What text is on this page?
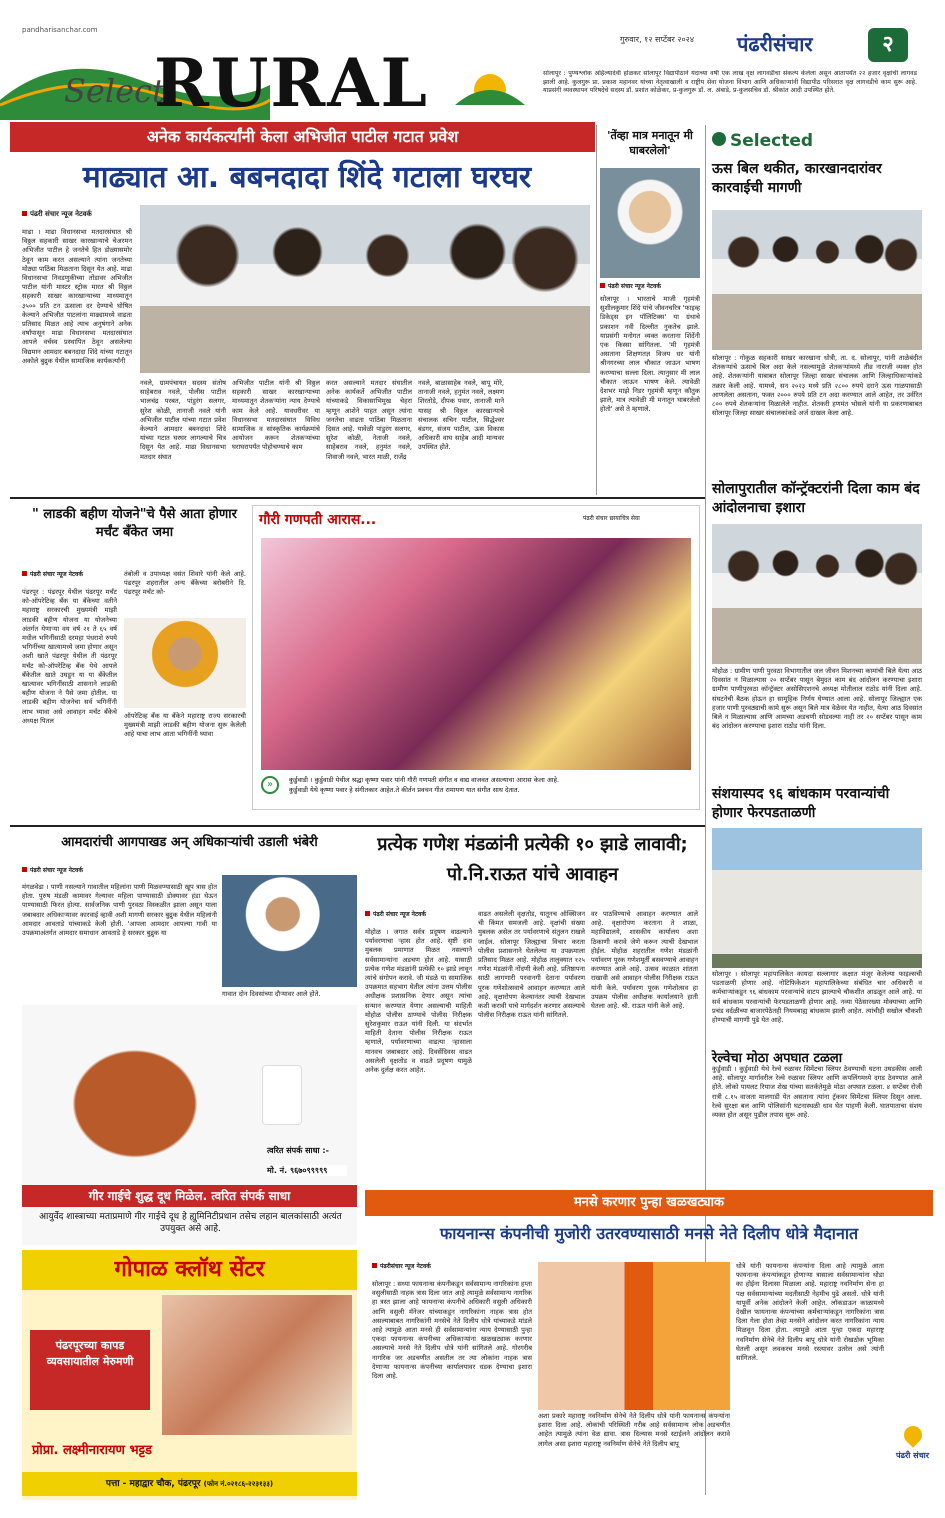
pandharisanchar.com
Select
RURAL
गुरुवार, १२ सप्टेंबर २०२४ पंढरीसंचार	२
सोलापूर : पुण्यश्लोक अहिल्यादेवी होळकर सोलापूर विद्यापीठाने यंदाच्या वर्षी एक लाख वृक्ष लागवडीचा संकल्प केलेला असून आतापर्यंत २२ हजार वृक्षांची लागवड झाली आहे. कुलगुरू प्रा. प्रकाश महानवर यांच्या नेतृत्वाखाली व राष्ट्रीय सेवा योजना विभाग आणि अधिकाऱ्यांनी विद्यापीठ परिसरात वृक्ष लागवडीचे काम सुरू आहे. याप्रसंगी व्यवस्थापन परिषदेचे सदस्य डॉ. प्रशांत कोळेकर, प्र-कुलगुरू डॉ. ल. अंबाडे, प्र-कुलसचिव डॉ. श्रीकांत आदी उपस्थित होते.
अनेक कार्यकर्त्यांनी केला अभिजीत पाटील गटात प्रवेश
माढ्यात आ. बबनदादा शिंदे गटाला घरघर
पंढरी संचार न्यूज नेटवर्क
माढा । माढा विधानसभा मतदारसंघात श्री विठ्ठल सहकारी साखर कारखान्याचे चेअरमन अभिजीत पाटील हे जनतेचे हित डोळ्यासमोर ठेवून काम करत असल्याने त्यांना जनतेच्या मोठ्या पाठिंबा मिळताना दिसून येत आहे. माढा विधानसभा निवडणुकीच्या तोंडावर अभिजीत पाटील यांनी मास्टर स्ट्रोक मारत श्री विठ्ठल सहकारी साखर कारखान्याच्या माध्यमातून ३५०० प्रति टन ऊसाला दर देण्याचे घोषित केल्याने अभिजीत पाटलांना माढ्यामध्ये वाढता प्रतिसाद मिळत आहे त्याच अनुषंगाने अनेक वर्षांपासून माढा विधानसभा मतदारसंघात आपले वर्चस्व प्रस्थापित ठेवून असलेल्या विद्यमान आमदार बबनदादा शिंदे यांच्या गटातून अकोले बुद्रुक येथील सामाजिक कार्यकर्त्यांनी
नवले, ग्रामपंचायत सदस्य संतोष साहेबराव नवले, पोलीस पाटील भालचंद्र परबत, पांडुरंग सलगर, सुरेश कोळी, तानाजी नवले यांनी अभिजीत पाटील यांच्या गटात प्रवेश केल्याने आमदार बबनदादा शिंदे यांच्या गटात घरघर लागल्याचे चित्र दिसून येत आहे. माढा विधानसभा मतदार संघात
अभिजीत पाटील यांनी श्री विठ्ठल सहकारी साखर कारखान्याच्या माध्यमातून शेतकऱ्यांना न्याय देण्याचे काम केले आहे. यावधरीवर या विधानसभा मतदारसंघात विविध सामाजिक व सांस्कृतिक कार्यक्रमांचे आयोजन करून शेतकऱ्यांच्या घराघरापर्यंत पोहोचण्याचे काम
करत असल्याने मतदार संघातील अनेक कार्यकर्ते अभिजीत पाटील यांच्याकडे विकासाभिमुख चेहरा म्हणून आशेने पाहत असून त्यांना जनतेचा वाढता पाठिंबा मिळताना दिसत आहे. यावेळी पांडुरंग सलगर, सुरेश कोळी, नेताजी नवले, साहेबराव नवले, हनुमंत नवले, शिवाजी नवले, भारत माळी, राजेंद्र
नवले, बाळासाहेब नवले, बापू मोरे, तानाजी नवले, हनुमंत नवले, लक्ष्मण शिरतोडे, दीपक पवार, तानाजी माने यासह श्री विठ्ठल कारखान्याचे संचालक सचिन पाटील, सिद्धेश्वर बंडगर, संजय पाटील, ऊस विकास अधिकारी वाघ साहेब आदी मान्यवर उपस्थित होते.
'तेंव्हा मात्र मनातून मी घाबरलेलो'
पंढरी संचार न्यूज नेटवर्क
सोलापूर । भारताचे माजी गृहमंत्री सुशीलकुमार शिंदे यांचे जीवनचरित्र 'फाइव्ह डिकेड्स इन पॉलिटिक्स' या ग्रंथाचे प्रकाशन नवी दिल्लीत नुकतेच झाले. याप्रसंगी मनोगत व्यक्त करताना शिंदेंनी एक किस्सा सांगितला. 'मी गृहमंत्री असताना शिक्षणतज्ञ विजय धर यांनी श्रीनगरच्या लाल चौकात जाऊन भाषण करण्याचा सल्ला दिला. त्यानुसार मी लाल चौकात जाऊन भाषण केले. त्यावेळी देशभर माझे निडर गृहमंत्री म्हणून कौतुक झाले, मात्र त्यावेळी मी मनातून घाबरलेलो होतो' असे ते म्हणाले.
Selected
ऊस बिल थकीत, कारखानदारांवर कारवाईची मागणी
सोलापूर : गोकुळ सहकारी साखर कारखाना धोत्री, ता. द. सोलापूर, यांनी ताळेबंदीत शेतकऱ्यांचे ऊसाचे बिल अदा केले नसल्यामुळे शेतकऱ्यांमध्ये तीव्र नाराजी व्यक्त होत आहे. शेतकऱ्यांनी याबाबत सोलापूर जिल्हा साखर संचालक आणि जिल्हाधिकाऱ्यांकडे तक्रार केली आहे. यामध्ये, सन २०२३ मध्ये प्रति २८०० रुपये दराने ऊस गाळपासाठी आणलेला असताना, फक्त २००० रुपये प्रति टन अदा करण्यात आले आहेत, तर उर्वरित ८०० रुपये शेतकऱ्यांना मिळालेले नाहीत. शेतकरी हणमंत भोसले यांनी या प्रकरणाबाबत सोलापूर जिल्हा साखर संचालकांकडे अर्ज दाखल केला आहे.
सोलापुरातील कॉन्ट्रॅक्टरांनी दिला काम बंद आंदोलनाचा इशारा
मोहोळ : ग्रामीण पाणी पुरवठा विभागातील जल जीवन मिशनच्या कामांची बिले येत्या आठ दिवसांत न मिळाल्यास २० सप्टेंबर पासून बेमुदत काम बंद आंदोलन करण्याचा इशारा ग्रामीण पाणीपुरवठा कॉन्ट्रॅक्टर असोसिएशनचे अध्यक्ष मोतीलाल राठोड यांनी दिला आहे. संघटनेची बैठक होऊन हा सामूहिक निर्णय घेण्यात आला आहे. सोलापूर जिल्ह्यात एक हजार पाणी पुरवठ्याची कामे सुरू असून बिले मात्र वेळेवर येत नाहीत, येत्या आठ दिवसांत बिले न मिळाल्यास आणि आमच्या अडचणी सोडवल्या नाही तर २० सप्टेंबर पासून काम बंद आंदोलन करण्याचा इशारा राठोड यांनी दिला.
संशयास्पद ९६ बांधकाम परवान्यांची होणार फेरपडताळणी
सोलापूर । सोलापूर महापालिकेत कायदा सल्लागार कक्षात मंजूर केलेल्या फाइल्सची पडताळणी होणार आहे. नोटिफिकेशन महापालिकेच्या संबंधित चार अधिकारी व कर्मचाऱ्यांकडून ९६ बांधकाम परवान्यांचे वाटप झाल्याचे चौकशीत आढळून आले आहे. या सर्व बांधकाम परवान्यांची फेरपडताळणी होणार आहे. नव्या पेठेसारख्या मोक्याच्या आणि प्रचंड वर्दळीच्या बाजारपेठेतही नियमबाह्य बांधकाम झाली आहेत. त्यांचीही सखोल चौकशी होण्याची मागणी पुढे येत आहे.
रेल्वेचा मोठा अपघात टळला
कुर्डुवाडी । कुर्डुवाडी येथे रेल्वे रुळावर सिमेंटचा स्लिपर ठेवण्याची घटना उघडकीस आली आहे. सोलापूर मार्गावरील रेल्वे रुळावर स्लिपर आणि कपलिंगमध्ये दगड ठेवण्यात आले होते. लोको पायलट रियाज शेख यांच्या सतर्कतेमुळे मोठा अपघात टळला. ४ सप्टेंबर रोजी रात्री ८.१५ वाजता मालगाडी येत असताना त्यांना ट्रॅकवर सिमेंटचा स्लिपर दिसून आला. रेल्वे सुरक्षा बल आणि पोलिसांनी घटनास्थळी धाव घेत पाहणी केली. घातपाताचा संशय व्यक्त होत असून पुढील तपास सुरू आहे.
" लाडकी बहीण योजने"चे पैसे आता होणार मर्चंट बँकेत जमा
पंढरी संचार न्यूज नेटवर्क
पंढरपूर : पंढरपूर येथील पंढरपूर मर्चंट को-ऑपरेटिव्ह बँक या बँकेच्या वतीने महाराष्ट्र सरकारची मुख्यमंत्री माझी लाडकी बहीण योजना या योजनेच्या अंतर्गत येणाऱ्या वय वर्ष २१ ते ६५ वर्ष मधील भगिनींसाठी दरमहा पंधराशे रुपये भगिनींच्या खात्यामध्ये जमा होणार असून अशी खाते पंढरपूर येथील ती पंढरपूर मर्चंट को-ऑपरेटिव्ह बँक येथे आपले बँकेतील खाते उघडून या या बँकेतील खात्यावर भगिनींसाठी शासनाने लाडकी बहीण योजना ने पैसे जमा होतील. या लाडकी बहीण योजनेचा सर्व भगिनींनी लाभ घ्यावा असे आवाहन मर्चंट बँकेचे अध्यक्ष पितल
तंबोली व उपाध्यक्ष वसंत शिवारे यांनी केले आहे. पंढरपूर शहरातील अन्य बँकेच्या बरोबरीने दि. पंढरपूर मर्चंट को-
ऑपरेटिव्ह बँक या बँकेने महाराष्ट्र राज्य सरकारची मुख्यमंत्री माझी लाडकी बहीण योजना सुरू केलेली आहे याचा लाभ आता भगिनींनी घ्यावा
गौरी गणपती आरास...	पंढरी संचार छायाचित्र सेवा
कुर्डुवाडी । कुर्डुवाडी येथील श्रद्धा कृष्णा पवार यांनी गौरी गणपती संगीत व वाद्य वाजवत असल्याचा आरास केला आहे.
कुर्डुवाडी येथे कृष्णा पवार हे संगीतकार आहेत.ते कीर्तन प्रवचन गीत रामायण यात संगीत साथ देतात.
»
आमदारांची आगपाखड अन् अधिकाऱ्यांची उडाली भंबेरी
पंढरी संचार न्यूज नेटवर्क
मंगळवेढा । पाणी नसल्याने गावातील महिलांना पाणी मिळवण्यासाठी खूप त्रास होत होता. पुरुष मंडळी कामावर गेल्यावर महिला पाण्यासाठी डोक्यावर हंडा घेऊन पाण्यासाठी फिरत होत्या. सार्वजनिक पाणी पुरवठा विस्कळीत झाला असून याला जबाबदार अधिकाऱ्यावर कारवाई व्हावी अशी मागणी सरकार बुद्रुक येथील महिलांनी आमदार आवताडे यांच्याकडे केली होती. 'आपला आमदार आपल्या गावी या उपक्रमाअंतर्गत आमदार समाधान आवताडे हे सरकार बुद्रुक या
गावात दोन दिवसांच्या दौऱ्यावर आले होते.
त्वरित संपर्क साधा :-
मो. नं. ९६७०९९९९९
गीर गाईचे शुद्ध दूध मिळेल. त्वरित संपर्क साधा
आयुर्वेद शास्त्राच्या मताप्रमाणे गीर गाईचे दूध हे ह्युमिनिटीप्रधान तसेच लहान बालकांसाठी अत्यंत उपयुक्त असे आहे.
गोपाळ क्लॉथ सेंटर
पंढरपूरच्या कापड व्यवसायातील मेरुमणी
प्रोप्रा. लक्ष्मीनारायण भट्टड
पत्ता - महाद्वार चौक, पंढरपूर (फोन नं.०२१८६-२२३१३३)
प्रत्येक गणेश मंडळांनी प्रत्येकी १० झाडे लावावी; पो.नि.राऊत यांचे आवाहन
पंढरी संचार न्यूज नेटवर्क
मोहोळ । जगात सर्वत्र प्रदूषण वाढल्याने पर्यावरणाचा ऱ्हास होत आहे. सृष्टी हवा मुबलक प्रमाणात मिळत नसल्याने सर्वसामान्यांना अडचण होत आहे. यासाठी प्रत्येक गणेश मंडळांनी प्रत्येकी १० झाडे लावून त्यांचे संगोपन करावे. जी मंडळे या सामाजिक उपक्रमात सहभाग घेतील त्यांना उत्तम पोलीस अधीक्षक प्रशासनिक देणार असून त्यांचा सन्मान करण्यात येणार असल्याची माहिती मोहोळ पोलीस ठाण्याचे पोलीस निरीक्षक सुरेशकुमार राऊत यांनी दिली. या संदर्भात माहिती देताना पोलीस निरीक्षक राऊत म्हणाले, पर्यावरणाच्या वाढत्या ऱ्हासाला मानवच जबाबदार आहे. दिवसेंदिवस वाढत असलेली वृक्षतोड व वाढते प्रदूषण यामुळे अनेक दुर्लक्ष करत आहेत.
वाढत असलेली वृक्षतोड, यातूनच ऑक्सिजन ची किंमत समजली आहे. वृक्षांची संख्या मुबलक असेल तर पर्यावरणाचे संतुलन राखले जाईल. सोलापूर जिल्ह्याचा विचार करता पोलीस प्रशासनाने घेतलेल्या या उपक्रमाला प्रतिसाद मिळत आहे. मोहोळ तालुक्यात १२५ गणेश मंडळांनी नोंदणी केली आहे. प्रतिष्ठापना साठी लागणारी परवानगी देताना पर्यावरण पूरक गणेशोत्सवाचे आवाहन करण्यात आले आहे. वृक्षारोपण केल्यानंतर त्याची देखभाल कशी करावी याचे मार्गदर्शन करणार असल्याचे पोलीस निरीक्षक राऊत यांनी सांगितले.
वर पाठविण्याचे आवाहन करण्यात आले आहे. वृक्षारोपण करताना ते शाळा, महाविद्यालये, शासकीय कार्यालय अशा ठिकाणी करावे जेणे करून त्याची देखभाल होईल. मोहोळ शहरातील गणेश मंडळांनी पर्यावरण पूरक गणेशमूर्ती बसवण्याचे आवाहन करण्यात आले आहे. उत्सव काळात शांतता राखावी असे आवाहन पोलीस निरीक्षक राऊत यांनी केले. पर्यावरण पूरक गणेशोत्सव हा उपक्रम पोलीस अधीक्षक कार्यालयाने हाती घेतला आहे. श्री. राऊत यांनी केले आहे.
मनसे करणार पुन्हा खळखट्याक
फायनान्स कंपनीची मुजोरी उतरवण्यासाठी मनसे नेते दिलीप धोत्रे मैदानात
पंढरीसंचार न्यूज नेटवर्क
सोलापूर : सध्या फायनान्स कंपनीकडून सर्वसामान्य नागरिकांना हप्ता वसुलीसाठी नाहक त्रास दिला जात आहे त्यामुळे सर्वसामान्य नागरिक हा त्रस्त झाला आहे फायनान्स कंपनीचे अधिकारी वसुली अधिकारी आणि वसुली मॅनेजर यांच्याकडून नागरिकांना नाहक त्रास होत असल्याबाबत नागरिकांनी मनसेचे नेते दिलीप धोत्रे यांच्याकडे मांडले आहे त्यामुळे आता मनसे ही सर्वसामान्यांना न्याय देण्यासाठी पुन्हा एकदा फायनान्स कंपनीच्या अधिकाऱ्यांना खळखट्याक करणार असल्याचे मनसे नेते दिलीप धोत्रे यांनी सांगितले आहे. गोरगरीब नागरिक जर अडचणीत असतील तर त्या लोकांना नाहक त्रास देणाऱ्या फायनान्स कंपनीच्या कार्यालयावर धडक देण्याचा इशारा दिला आहे.
अशा प्रकारे महाराष्ट्र नवनिर्माण सेनेचे नेते दिलीप धोत्रे यांनी फायनान्स कंपन्यांना इशारा दिला आहे. लोकांची परिस्थिती गरीब आहे सर्वसामान्य लोक अडचणीत आहेत त्यामुळे त्यांना वेळ द्यावा. त्रास दिल्यास मनसे स्टाईलने आंदोलन करावे लागेल असा इशारा महाराष्ट्र नवनिर्माण सेनेचे नेते दिलीप बापू
धोत्रे यांनी फायनान्स कंपन्यांना दिला आहे त्यामुळे आता फायनान्स कंपन्यांकडून होणाऱ्या त्रासाला सर्वसामान्यांना थोडा का होईना दिलासा मिळाला आहे. महाराष्ट्र नवनिर्माण सेना हा पक्ष सर्वसामान्यांच्या मदतीसाठी नेहमीच पुढे असतो. धोत्रे यांनी यापूर्वी अनेक आंदोलने केली आहेत. लॉकडाऊन काळामध्ये देखील फायनान्स कंपन्यांच्या कर्मचाऱ्यांकडून नागरिकांना त्रास दिला गेला होता तेव्हा मनसेने आंदोलन करत नागरिकांना न्याय मिळवून दिला होता. त्यामुळे आता पुन्हा एकदा महाराष्ट्र नवनिर्माण सेनेचे नेते दिलीप बापू धोत्रे यांनी रोखठोक भूमिका घेतली असून लवकरच मनसे रस्त्यावर उतरेल असे त्यांनी सांगितले.
पंढरी संचार
